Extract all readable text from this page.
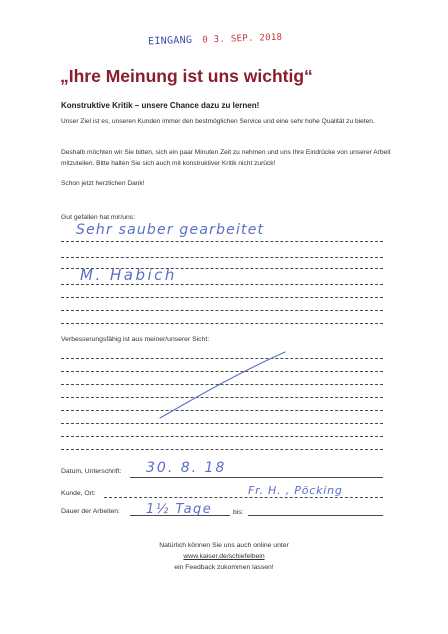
EINGANG 0 3. SEP. 2018
„Ihre Meinung ist uns wichtig“
Konstruktive Kritik – unsere Chance dazu zu lernen!
Unser Ziel ist es, unseren Kunden immer den bestmöglichen Service und eine sehr hohe Qualität zu bieten.
Deshalb möchten wir Sie bitten, sich ein paar Minuten Zeit zu nehmen und uns Ihre Eindrücke von unserer Arbeit mitzuteilen. Bitte halten Sie sich auch mit konstruktiver Kritik nicht zurück!
Schon jetzt herzlichen Dank!
Gut gefallen hat mir/uns:
Sehr sauber gearbeitet
M. Habich
Verbesserungsfähig ist aus meiner/unserer Sicht:
Datum, Unterschrift: 30. 8. 18
Kunde, Ort:	Fr. H. , Pöcking
Dauer der Arbeiten: 1½ Tage	bis:
Natürlich können Sie uns auch online unter
www.kaiser.de/schiefelbein
ein Feedback zukommen lassen!
